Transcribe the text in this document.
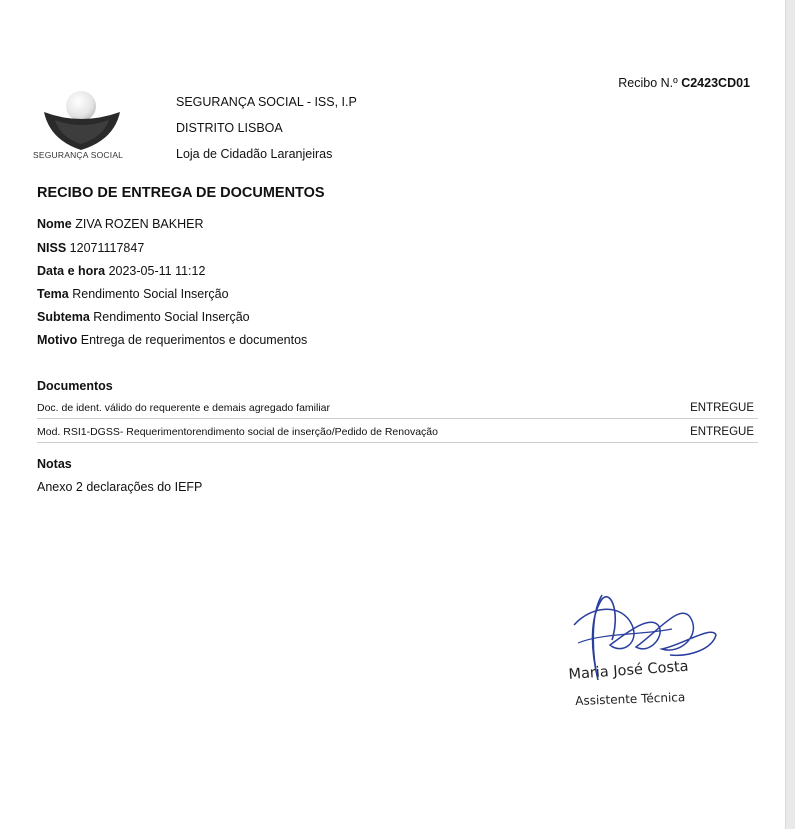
Recibo N.º C2423CD01
SEGURANÇA SOCIAL
SEGURANÇA SOCIAL - ISS, I.P
DISTRITO LISBOA
Loja de Cidadão Laranjeiras
RECIBO DE ENTREGA DE DOCUMENTOS
Nome ZIVA ROZEN BAKHER
NISS 12071117847
Data e hora 2023-05-11 11:12
Tema Rendimento Social Inserção
Subtema Rendimento Social Inserção
Motivo Entrega de requerimentos e documentos
Documentos
Doc. de ident. válido do requerente e demais agregado familiar	ENTREGUE
Mod. RSI1-DGSS- Requerimentorendimento social de inserção/Pedido de Renovação	ENTREGUE
Notas
Anexo 2 declarações do IEFP
Maria José Costa
Assistente Técnica
